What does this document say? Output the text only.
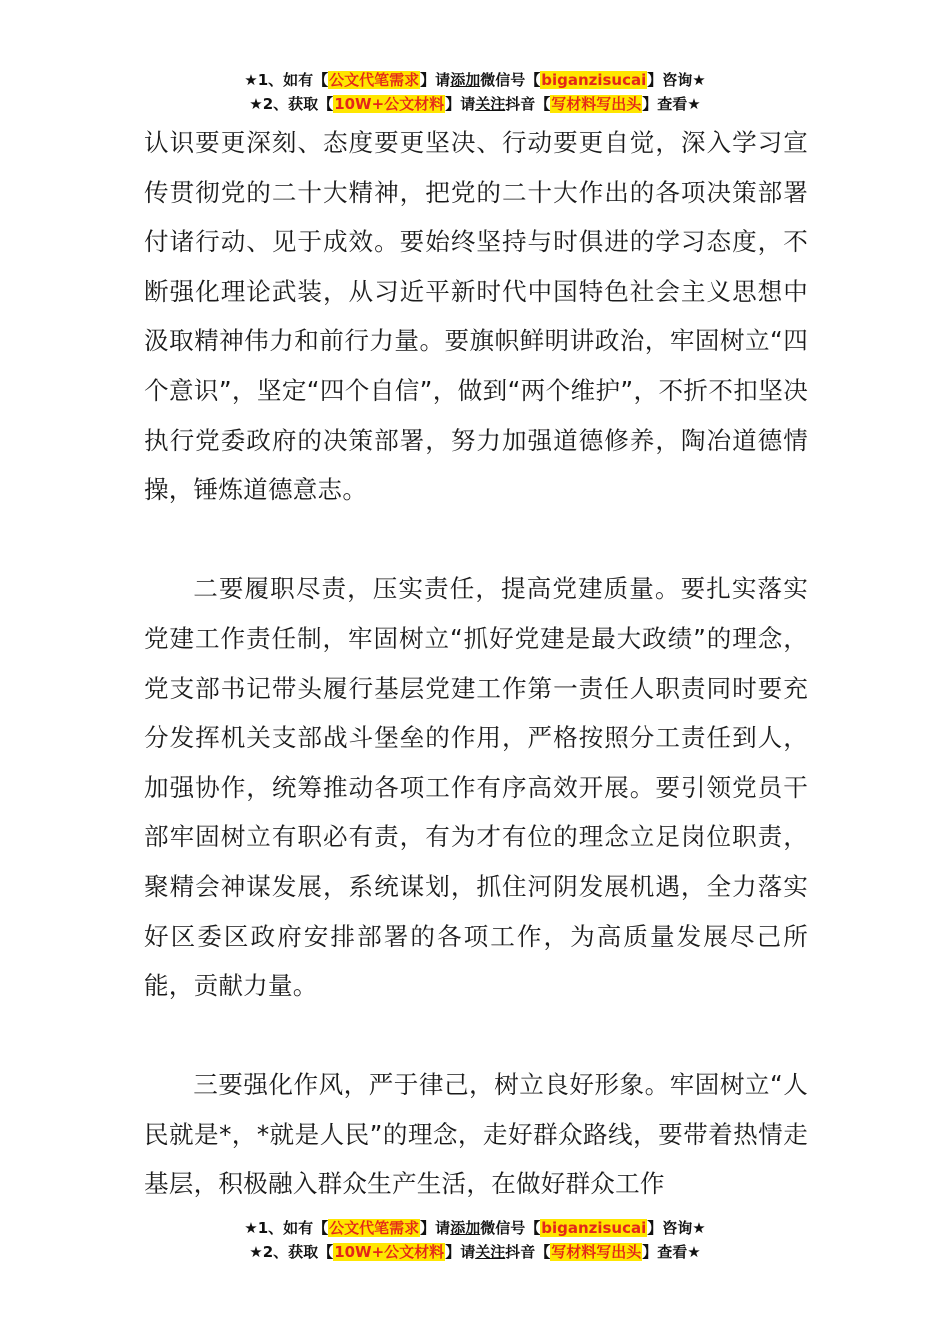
★1、如有【公文代笔需求】请添加微信号【biganzisucai】咨询★
★2、获取【10W+公文材料】请关注抖音【写材料写出头】查看★

认识要更深刻、态度要更坚决、行动要更自觉，深入学习宣传贯彻党的二十大精神，把党的二十大作出的各项决策部署付诸行动、见于成效。要始终坚持与时俱进的学习态度，不断强化理论武装，从习近平新时代中国特色社会主义思想中汲取精神伟力和前行力量。要旗帜鲜明讲政治，牢固树立“四个意识”，坚定“四个自信”，做到“两个维护”，不折不扣坚决执行党委政府的决策部署，努力加强道德修养，陶冶道德情操，锤炼道德意志。

二要履职尽责，压实责任，提高党建质量。要扎实落实党建工作责任制，牢固树立“抓好党建是最大政绩”的理念，党支部书记带头履行基层党建工作第一责任人职责同时要充分发挥机关支部战斗堡垒的作用，严格按照分工责任到人，加强协作，统筹推动各项工作有序高效开展。要引领党员干部牢固树立有职必有责，有为才有位的理念立足岗位职责，聚精会神谋发展，系统谋划，抓住河阴发展机遇，全力落实好区委区政府安排部署的各项工作，为高质量发展尽己所能，贡献力量。

三要强化作风，严于律己，树立良好形象。牢固树立“人民就是*，*就是人民”的理念，走好群众路线，要带着热情走基层，积极融入群众生产生活，在做好群众工作

★1、如有【公文代笔需求】请添加微信号【biganzisucai】咨询★
★2、获取【10W+公文材料】请关注抖音【写材料写出头】查看★
